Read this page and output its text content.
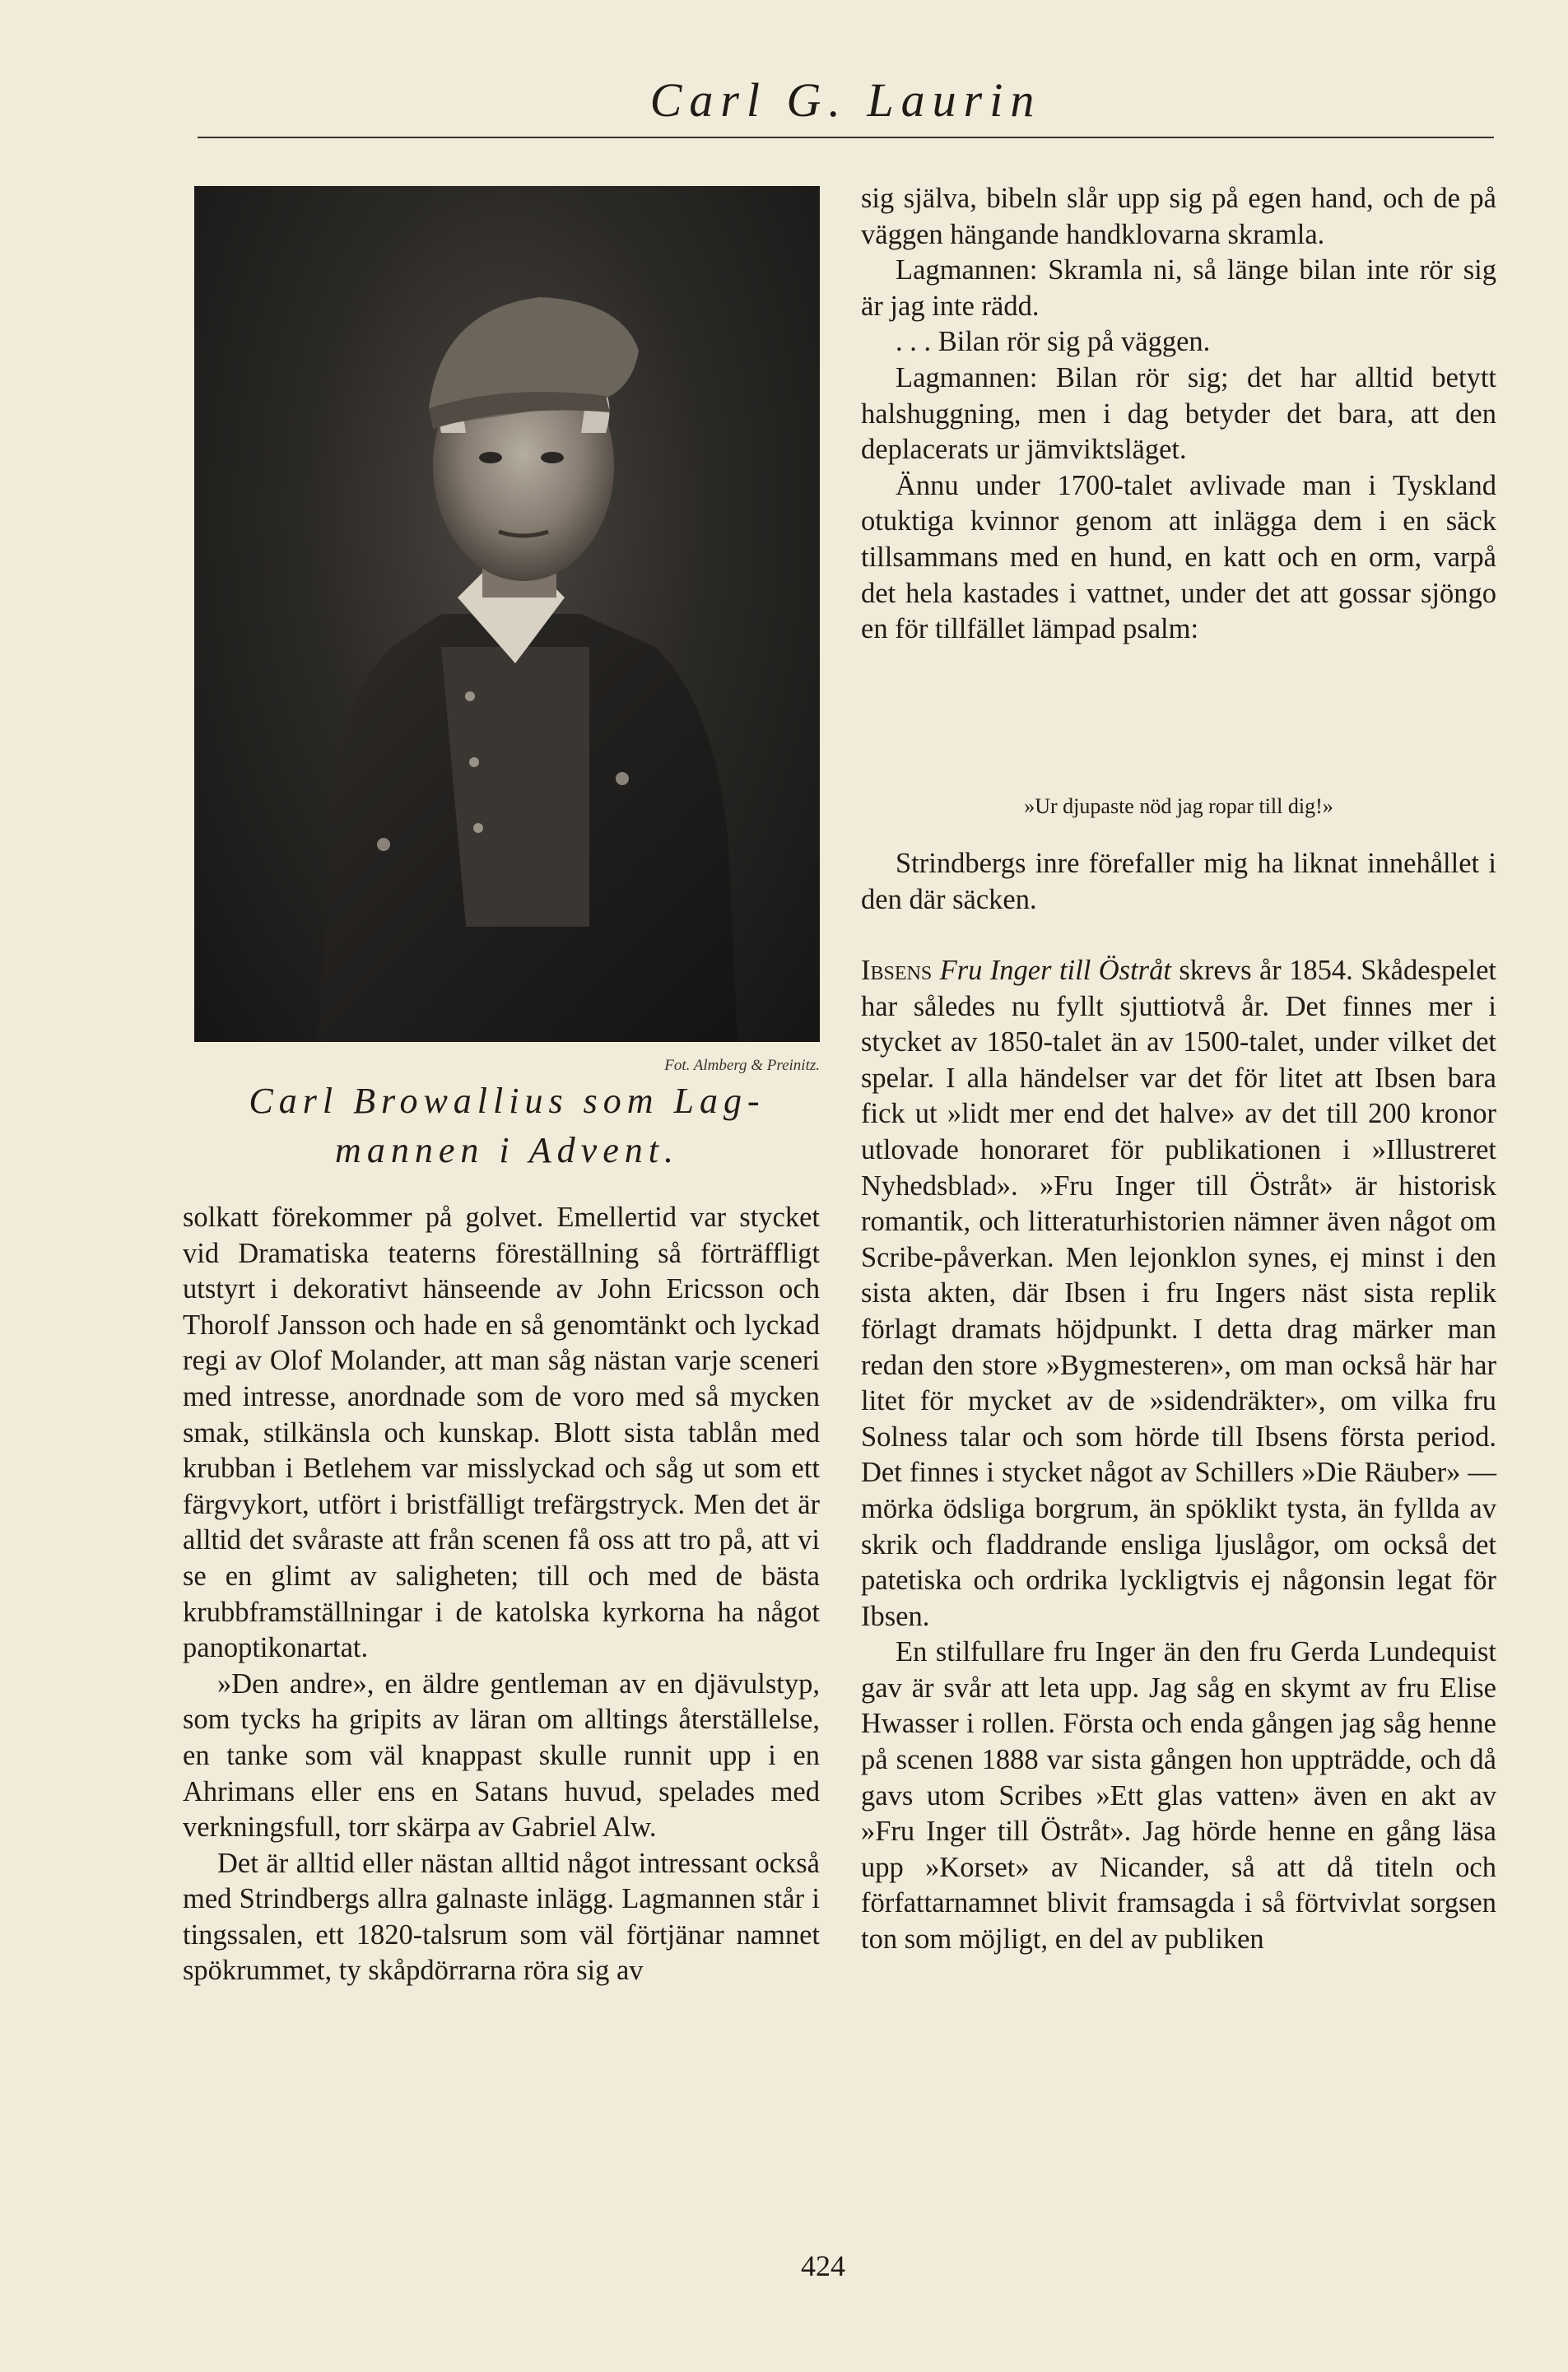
Carl G. Laurin
Fot. Almberg & Preinitz.
Carl Browallius som Lag-
mannen i Advent.

sig själva, bibeln slår upp sig på egen hand, och de på väggen hängande handklovarna skramla.

Lagmannen: Skramla ni, så länge bilan inte rör sig är jag inte rädd.

. . . Bilan rör sig på väggen.

Lagmannen: Bilan rör sig; det har alltid betytt halshuggning, men i dag betyder det bara, att den deplacerats ur jämviktsläget.

Ännu under 1700-talet avlivade man i Tyskland otuktiga kvinnor genom att inlägga dem i en säck tillsammans med en hund, en katt och en orm, varpå det hela kastades i vattnet, under det att gossar sjöngo en för tillfället lämpad psalm:

»Ur djupaste nöd jag ropar till dig!»

Strindbergs inre förefaller mig ha liknat innehållet i den där säcken.

Ibsens Fru Inger till Östråt skrevs år 1854. Skådespelet har således nu fyllt sjuttiotvå år. Det finnes mer i stycket av 1850-talet än av 1500-talet, under vilket det spelar. I alla händelser var det för litet att Ibsen bara fick ut »lidt mer end det halve» av det till 200 kronor utlovade honoraret för publikationen i »Illustreret Nyhedsblad». »Fru Inger till Östråt» är historisk romantik, och litteraturhistorien nämner även något om Scribe-påverkan. Men lejonklon synes, ej minst i den sista akten, där Ibsen i fru Ingers näst sista replik förlagt dramats höjdpunkt. I detta drag märker man redan den store »Bygmesteren», om man också här har litet för mycket av de »sidendräkter», om vilka fru Solness talar och som hörde till Ibsens första period. Det finnes i stycket något av Schillers »Die Räuber» — mörka ödsliga borgrum, än spöklikt tysta, än fyllda av skrik och fladdrande ensliga ljuslågor, om också det patetiska och ordrika lyckligtvis ej någonsin legat för Ibsen.

En stilfullare fru Inger än den fru Gerda Lundequist gav är svår att leta upp. Jag såg en skymt av fru Elise Hwasser i rollen. Första och enda gången jag såg henne på scenen 1888 var sista gången hon uppträdde, och då gavs utom Scribes »Ett glas vatten» även en akt av »Fru Inger till Östråt». Jag hörde henne en gång läsa upp »Korset» av Nicander, så att då titeln och författarnamnet blivit framsagda i så förtvivlat sorgsen ton som möjligt, en del av publiken

solkatt förekommer på golvet. Emellertid var stycket vid Dramatiska teaterns föreställning så förträffligt utstyrt i dekorativt hänseende av John Ericsson och Thorolf Jansson och hade en så genomtänkt och lyckad regi av Olof Molander, att man såg nästan varje sceneri med intresse, anordnade som de voro med så mycken smak, stilkänsla och kunskap. Blott sista tablån med krubban i Betlehem var misslyckad och såg ut som ett färgvykort, utfört i bristfälligt trefärgstryck. Men det är alltid det svåraste att från scenen få oss att tro på, att vi se en glimt av saligheten; till och med de bästa krubbframställningar i de katolska kyrkorna ha något panoptikonartat.

»Den andre», en äldre gentleman av en djävulstyp, som tycks ha gripits av läran om alltings återställelse, en tanke som väl knappast skulle runnit upp i en Ahrimans eller ens en Satans huvud, spelades med verkningsfull, torr skärpa av Gabriel Alw.

Det är alltid eller nästan alltid något intressant också med Strindbergs allra galnaste inlägg. Lagmannen står i tingssalen, ett 1820-talsrum som väl förtjänar namnet spökrummet, ty skåpdörrarna röra sig av

424
